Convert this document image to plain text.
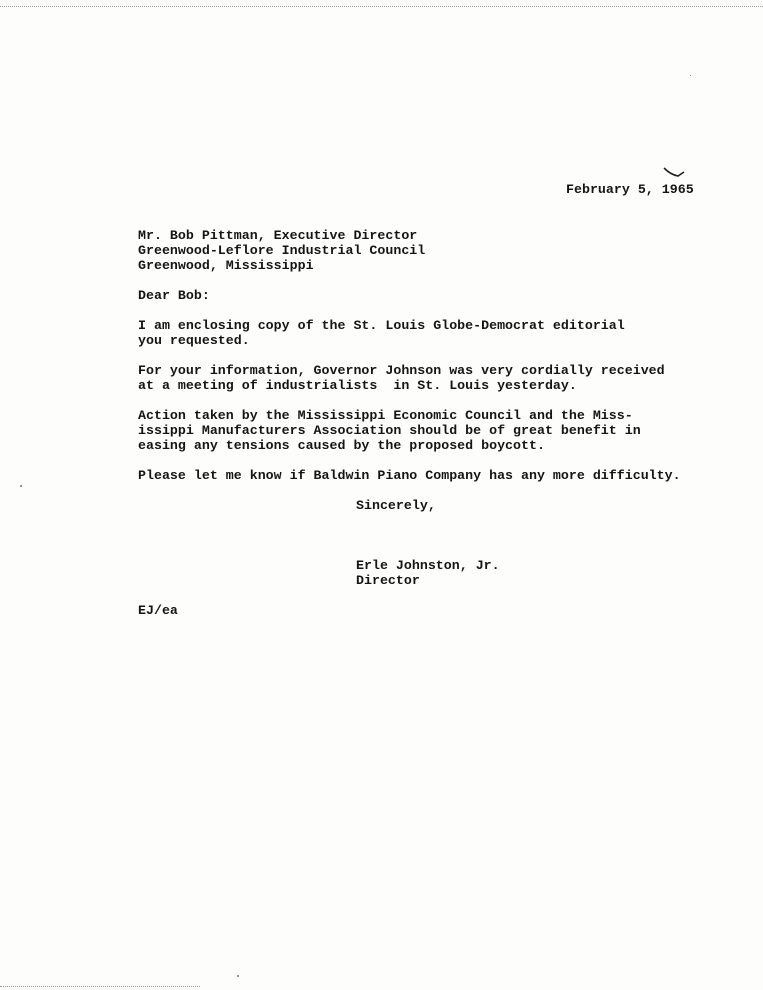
February 5, 1965
Mr. Bob Pittman, Executive Director
Greenwood-Leflore Industrial Council
Greenwood, Mississippi
Dear Bob:
I am enclosing copy of the St. Louis Globe-Democrat editorial
you requested.
For your information, Governor Johnson was very cordially received
at a meeting of industrialists  in St. Louis yesterday.
Action taken by the Mississippi Economic Council and the Miss-
issippi Manufacturers Association should be of great benefit in
easing any tensions caused by the proposed boycott.
Please let me know if Baldwin Piano Company has any more difficulty.
Sincerely,
Erle Johnston, Jr.
Director
EJ/ea
